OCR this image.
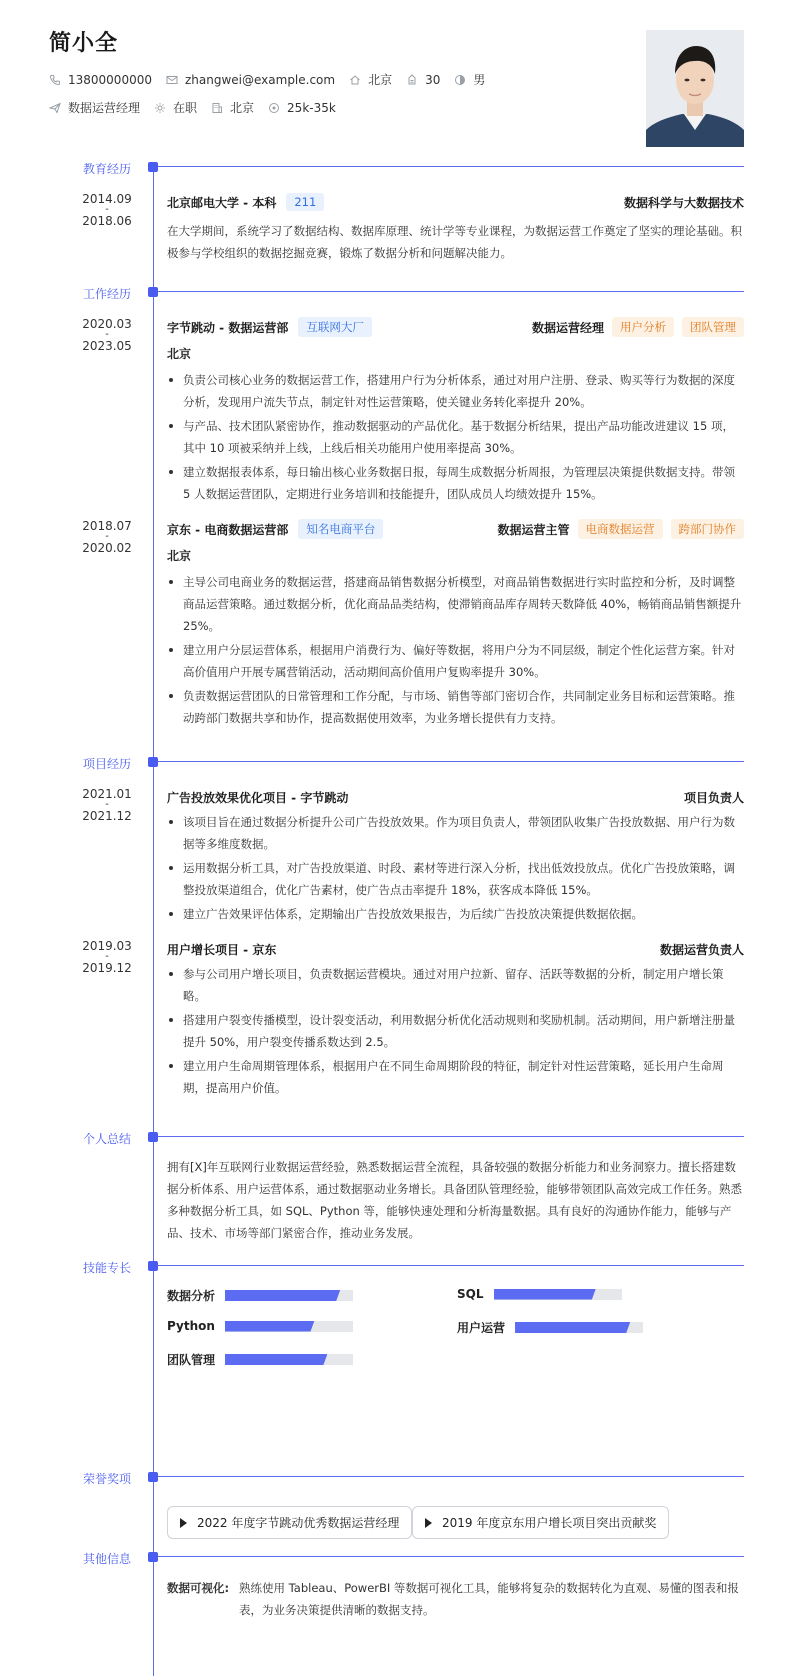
简小全
13800000000	zhangwei@example.com	北京	30	男
数据运营经理	在职	北京	25k-35k
教育经历
2014.09
-
2018.06
北京邮电大学 - 本科	211	数据科学与大数据技术
在大学期间，系统学习了数据结构、数据库原理、统计学等专业课程，为数据运营工作奠定了坚实的理论基础。积极参与学校组织的数据挖掘竞赛，锻炼了数据分析和问题解决能力。
工作经历
2020.03
-
2023.05
字节跳动 - 数据运营部	互联网大厂	数据运营经理	用户分析	团队管理
北京
负责公司核心业务的数据运营工作，搭建用户行为分析体系，通过对用户注册、登录、购买等行为数据的深度分析，发现用户流失节点，制定针对性运营策略，使关键业务转化率提升 20%。
与产品、技术团队紧密协作，推动数据驱动的产品优化。基于数据分析结果，提出产品功能改进建议 15 项，其中 10 项被采纳并上线，上线后相关功能用户使用率提高 30%。
建立数据报表体系，每日输出核心业务数据日报，每周生成数据分析周报，为管理层决策提供数据支持。带领 5 人数据运营团队，定期进行业务培训和技能提升，团队成员人均绩效提升 15%。
2018.07
-
2020.02
京东 - 电商数据运营部	知名电商平台	数据运营主管	电商数据运营	跨部门协作
北京
主导公司电商业务的数据运营，搭建商品销售数据分析模型，对商品销售数据进行实时监控和分析，及时调整商品运营策略。通过数据分析，优化商品品类结构，使滞销商品库存周转天数降低 40%，畅销商品销售额提升 25%。
建立用户分层运营体系，根据用户消费行为、偏好等数据，将用户分为不同层级，制定个性化运营方案。针对高价值用户开展专属营销活动，活动期间高价值用户复购率提升 30%。
负责数据运营团队的日常管理和工作分配，与市场、销售等部门密切合作，共同制定业务目标和运营策略。推动跨部门数据共享和协作，提高数据使用效率，为业务增长提供有力支持。
项目经历
2021.01
-
2021.12
广告投放效果优化项目 - 字节跳动	项目负责人
该项目旨在通过数据分析提升公司广告投放效果。作为项目负责人，带领团队收集广告投放数据、用户行为数据等多维度数据。
运用数据分析工具，对广告投放渠道、时段、素材等进行深入分析，找出低效投放点。优化广告投放策略，调整投放渠道组合，优化广告素材，使广告点击率提升 18%，获客成本降低 15%。
建立广告效果评估体系，定期输出广告投放效果报告，为后续广告投放决策提供数据依据。
2019.03
-
2019.12
用户增长项目 - 京东	数据运营负责人
参与公司用户增长项目，负责数据运营模块。通过对用户拉新、留存、活跃等数据的分析，制定用户增长策略。
搭建用户裂变传播模型，设计裂变活动，利用数据分析优化活动规则和奖励机制。活动期间，用户新增注册量提升 50%，用户裂变传播系数达到 2.5。
建立用户生命周期管理体系，根据用户在不同生命周期阶段的特征，制定针对性运营策略，延长用户生命周期，提高用户价值。
个人总结
拥有[X]年互联网行业数据运营经验，熟悉数据运营全流程，具备较强的数据分析能力和业务洞察力。擅长搭建数据分析体系、用户运营体系，通过数据驱动业务增长。具备团队管理经验，能够带领团队高效完成工作任务。熟悉多种数据分析工具，如 SQL、Python 等，能够快速处理和分析海量数据。具有良好的沟通协作能力，能够与产品、技术、市场等部门紧密合作，推动业务发展。
技能专长
数据分析	SQL
Python	用户运营
团队管理
荣誉奖项
2022 年度字节跳动优秀数据运营经理	2019 年度京东用户增长项目突出贡献奖
其他信息
数据可视化: 熟练使用 Tableau、PowerBI 等数据可视化工具，能够将复杂的数据转化为直观、易懂的图表和报表，为业务决策提供清晰的数据支持。
